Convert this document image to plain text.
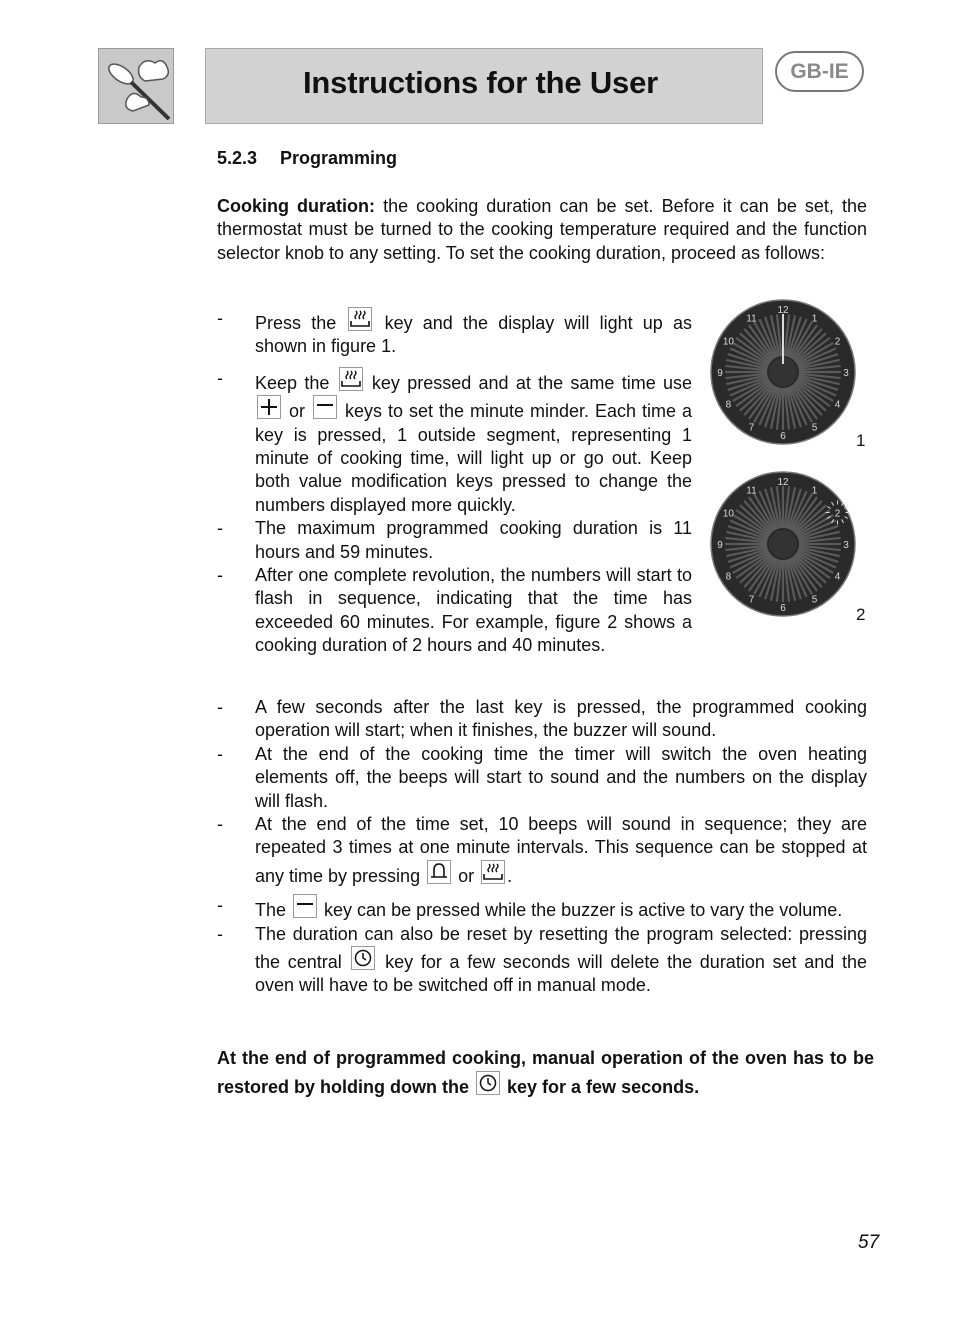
Instructions for the User	GB-IE
5.2.3 Programming

Cooking duration: the cooking duration can be set. Before it can be set, the thermostat must be turned to the cooking temperature required and the function selector knob to any setting. To set the cooking duration, proceed as follows:

- Press the
key and the display will light up as shown in figure 1.
- Keep the
key pressed and at the same time use
or
keys to set the minute minder. Each time a key is pressed, 1 outside segment, representing 1 minute of cooking time, will light up or go out. Keep both value modification keys pressed to change the numbers displayed more quickly.
- The maximum programmed cooking duration is 11 hours and 59 minutes.
- After one complete revolution, the numbers will start to flash in sequence, indicating that the time has exceeded 60 minutes. For example, figure 2 shows a cooking duration of 2 hours and 40 minutes.
- A few seconds after the last key is pressed, the programmed cooking operation will start; when it finishes, the buzzer will sound.
- At the end of the cooking time the timer will switch the oven heating elements off, the beeps will start to sound and the numbers on the display will flash.
- At the end of the time set, 10 beeps will sound in sequence; they are repeated 3 times at one minute intervals. This sequence can be stopped at any time by pressing
or
.
- The
key can be pressed while the buzzer is active to vary the volume.
- The duration can also be reset by resetting the program selected: pressing the central
key for a few seconds will delete the duration set and the oven will have to be switched off in manual mode.

At the end of programmed cooking, manual operation of the oven has to be restored by holding down the
key for a few seconds.

12
1
2
3
4
5
6
7
8
9
10
11
1
12
1
2
3
4
5
6
7
8
9
10
11
2
57
